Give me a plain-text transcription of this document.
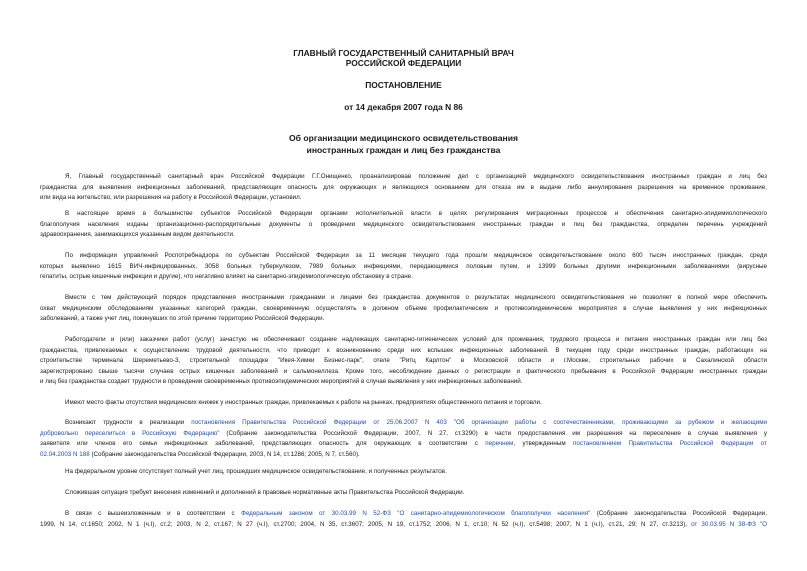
ГЛАВНЫЙ ГОСУДАРСТВЕННЫЙ САНИТАРНЫЙ ВРАЧ
РОССИЙСКОЙ ФЕДЕРАЦИИ
ПОСТАНОВЛЕНИЕ
от 14 декабря 2007 года N 86
Об организации медицинского освидетельствования
иностранных граждан и лиц без гражданства
Я, Главный государственный санитарный врач Российской Федерации Г.Г.Онищенко, проанализировав положение дел с организацией медицинского освидетельствования иностранных граждан и лиц без
гражданства для выявления инфекционных заболеваний, представляющих опасность для окружающих и являющихся основанием для отказа им в выдаче либо аннулирования разрешения на временное проживание,
или вида на жительство, или разрешения на работу в Российской Федерации, установил.
В настоящее время в большинстве субъектов Российской Федерации органами исполнительной власти в целях регулирования миграционных процессов и обеспечения санитарно-эпидемиологического
благополучия населения изданы организационно-распорядительные документы о проведении медицинского освидетельствования иностранных граждан и лиц без гражданства, определен перечень учреждений
здравоохранения, занимающихся указанным видом деятельности.
По информации управлений Роспотребнадзора по субъектам Российской Федерации за 11 месяцев текущего года прошли медицинское освидетельствование около 600 тысяч иностранных граждан, среди
которых выявлено 1615 ВИЧ-инфицированных, 3058 больных туберкулезом, 7989 больных инфекциями, передающимися половым путем, и 13999 больных другими инфекционными заболеваниями (вирусные
гепатиты, острые кишечные инфекции и другие), что негативно влияет на санитарно-эпидемиологическую обстановку в стране.
Вместе с тем действующий порядок представления иностранными гражданами и лицами без гражданства документов о результатах медицинского освидетельствования не позволяет в полной мере обеспечить
охват медицинским обследованиям указанных категорий граждан, своевременную осуществлять в должном объеме профилактические и противоэпидемические мероприятия в случае выявления у них инфекционных
заболеваний, а также учет лиц, покинувших по этой причине территорию Российской Федерации.
Работодатели и (или) заказчики работ (услуг) зачастую не обеспечивают создание надлежащих санитарно-гигиенических условий для проживания, трудового процесса и питания иностранных граждан или лиц без
гражданства, привлекаемых к осуществлению трудовой деятельности, что приводит к возникновению среди них вспышек инфекционных заболеваний. В текущем году среди иностранных граждан, работающих на
строительстве терминала Шереметьево-3, строительной площадке "Икея-Химки Бизнес-парк", отеле "Ритц Карлтон" в Московской области и г.Москве, строительных рабочих в Сахалинской области
зарегистрировано свыше тысячи случаев острых кишечных заболеваний и сальмонеллеза. Кроме того, несоблюдение данных о регистрации и фактического пребывания в Российской Федерации иностранных граждан
и лиц без гражданства создает трудности в проведении своевременных противоэпидемических мероприятий в случае выявления у них инфекционных заболеваний.
Имеют место факты отсутствия медицинских книжек у иностранных граждан, привлекаемых к работе на рынках, предприятиях общественного питания и торговли.
Возникают трудности в реализации постановления Правительства Российской Федерации от 25.06.2007 N 403 "Об организации работы с соотечественниками, проживающими за рубежом и желающими
добровольно переселиться в Российскую Федерацию" (Собрание законодательства Российской Федерации, 2007, N 27, ст.3290) в части предоставления им разрешения на переселение в случае выявления у
заявителя или членов его семьи инфекционных заболеваний, представляющих опасность для окружающих в соответствии с перечнем, утвержденным постановлением Правительства Российской Федерации от
02.04.2003 N 188 (Собрание законодательства Российской Федерации, 2003, N 14, ст.1286; 2005, N 7, ст.560).
На федеральном уровне отсутствует полный учет лиц, прошедших медицинское освидетельствование, и полученных результатов.
Сложившая ситуация требует внесения изменений и дополнений в правовые нормативные акты Правительства Российской Федерации.
В связи с вышеизложенным и в соответствии с Федеральным законом от 30.03.99 N 52-ФЗ "О санитарно-эпидемиологическом благополучии населения" (Собрание законодательства Российской Федерации,
1999, N 14, ст.1650; 2002, N 1 (ч.I), ст.2; 2003, N 2, ст.167; N 27 (ч.I), ст.2700; 2004, N 35, ст.3607; 2005, N 19, ст.1752; 2006, N 1, ст.10; N 52 (ч.I), ст.5498; 2007, N 1 (ч.I), ст.21, 29; N 27, ст.3213), от 30.03.95 N 38-ФЗ "О
